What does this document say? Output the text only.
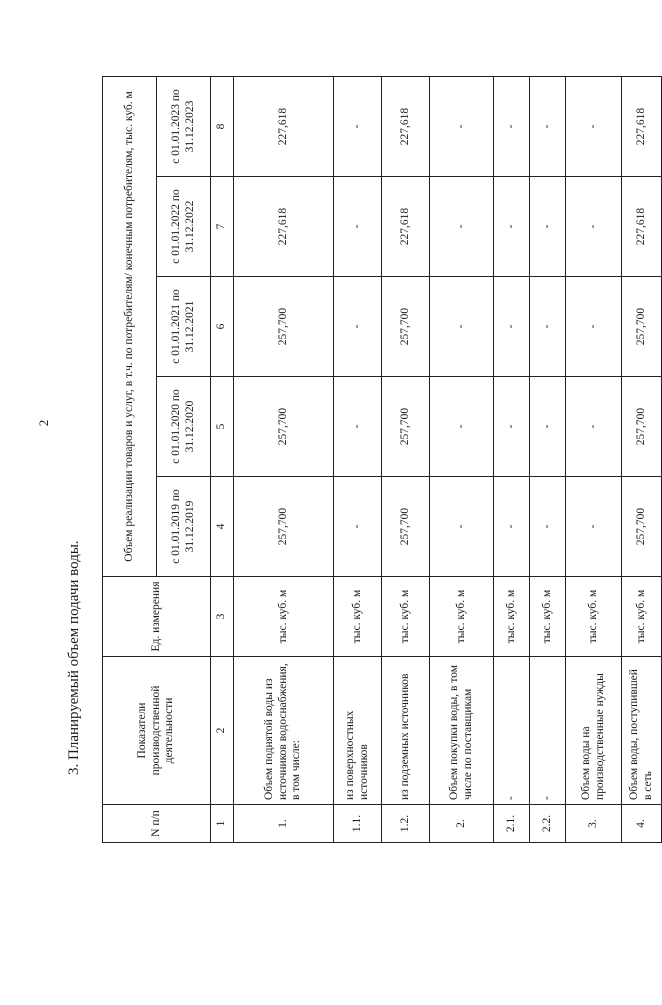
2
3. Планируемый объем подачи воды.
N п/п	Показатели производственной деятельности	Ед. измерения	Объем реализации товаров и услуг, в т.ч. по потребителям/ конечным потребителям, тыс. куб. м				
			с 01.01.2019 по 31.12.2019	с 01.01.2020 по 31.12.2020	с 01.01.2021 по 31.12.2021	с 01.01.2022 по 31.12.2022	с 01.01.2023 по 31.12.2023
1	2	3	4	5	6	7	8
1.	Объем поднятой воды из источников водоснабжения, в том числе:	тыс. куб. м	257,700	257,700	257,700	227,618	227,618
1.1.	из поверхностных источников	тыс. куб. м	-	-	-	-	-
1.2.	из подземных источников	тыс. куб. м	257,700	257,700	257,700	227,618	227,618
2.	Объем покупки воды, в том числе по поставщикам	тыс. куб. м	-	-	-	-	-
2.1.	-	тыс. куб. м	-	-	-	-	-
2.2.	-	тыс. куб. м	-	-	-	-	-
3.	Объем воды на производственные нужды	тыс. куб. м	-	-	-	-	-
4.	Объем воды, поступившей в сеть	тыс. куб. м	257,700	257,700	257,700	227,618	227,618
